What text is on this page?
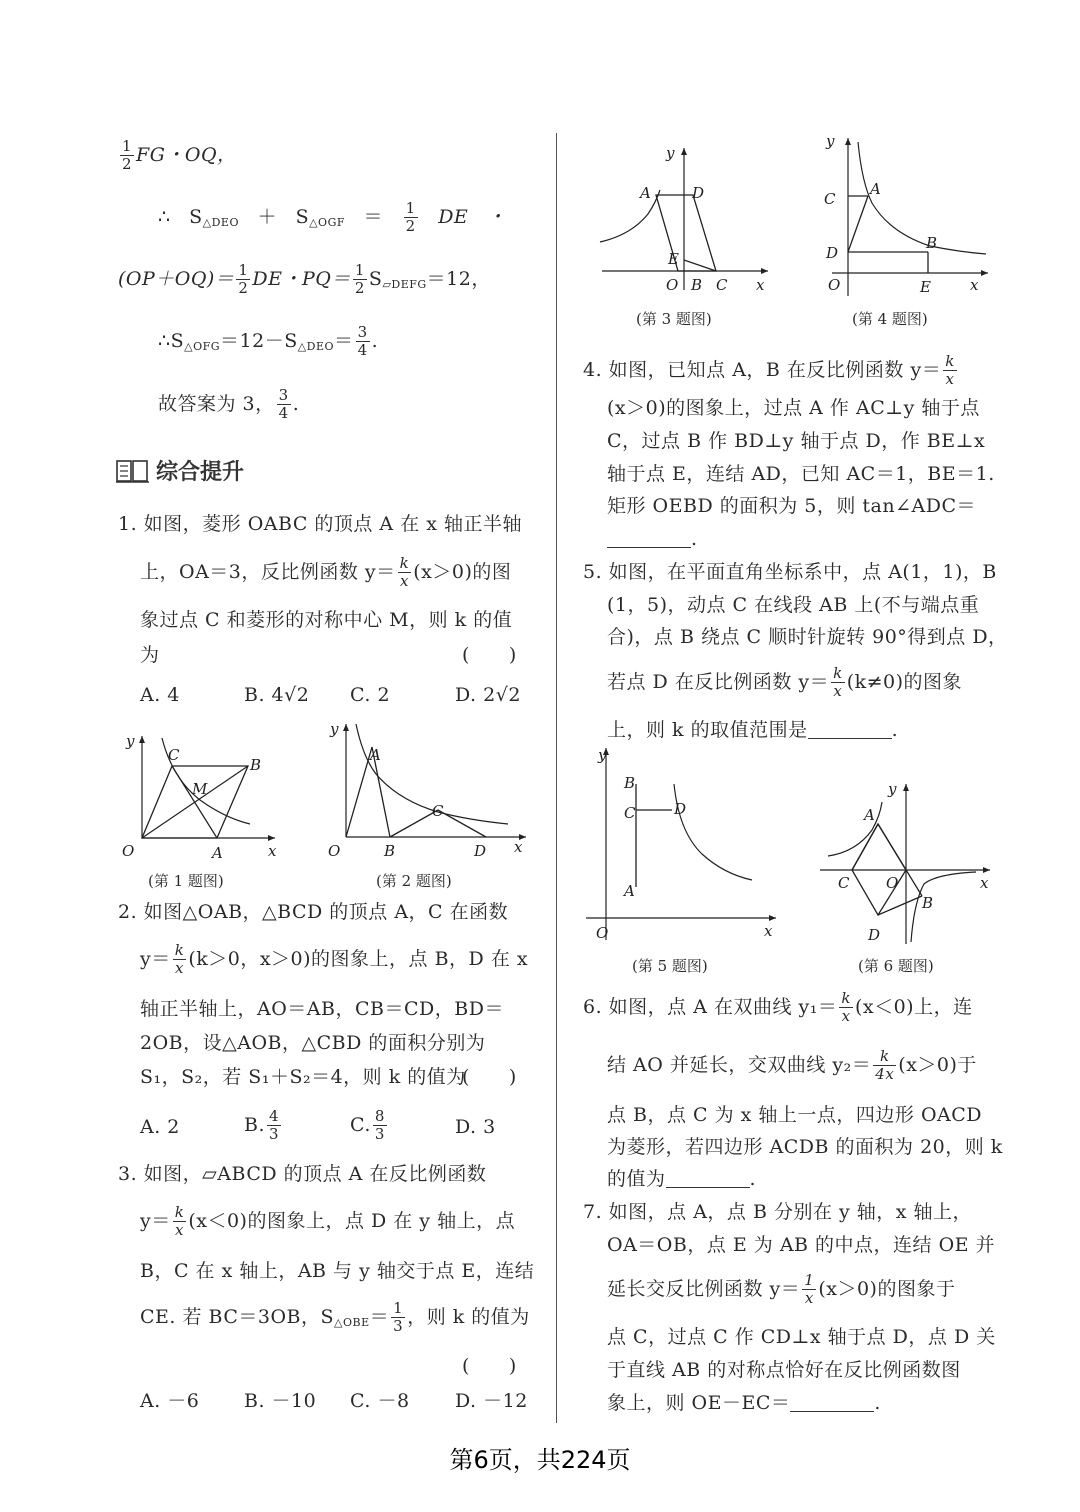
$\frac{1}{2}$ FG・OQ，
∴ $S_{\triangle DEO} + S_{\triangle OGF} = \frac{1}{2}$ DE ・
$(OP+OQ)= \frac{1}{2}$ DE・$PQ= \frac{1}{2} S_{▱DEFG}=12$，
$\therefore S_{\triangle OFG}=12-S_{\triangle DEO}= \frac{3}{4}$ .
故答案为 3， $\frac{3}{4}$ .
综合提升
1. 如图，菱形 OABC 的顶点 A 在 x 轴正半轴
上，OA＝3，反比例函数 $y= \frac{k}{x} (x>0)$的图
象过点 C 和菱形的对称中心 M，则 k 的值
为	(　　)
A. 4	B. 4√2 C. 2	D. 2√2
y
x
O	A
B
C
M
(第 1 题图)
y
x
O
A
B
C
D
(第 2 题图)
2. 如图△OAB，△BCD 的顶点 A，C 在函数
$y= \frac{k}{x} (k>0$，x＞0)的图象上，点 B，D 在 x
轴正半轴上，AO＝AB，CB＝CD，BD＝
2OB，设△AOB，△CBD 的面积分别为
S₁，S₂，若 S₁＋S₂＝4，则 k 的值为
(　　)
A. 2	B. $\frac{4}{3}$	C. $\frac{8}{3}$	D. 3
3. 如图，▱ABCD 的顶点 A 在反比例函数
$y= \frac{k}{x} (x<0)$的图象上，点 D 在 y 轴上，点
B，C 在 x 轴上，AB 与 y 轴交于点 E，连结
CE. 若 BC＝3OB，$S_{\triangle OBE}= \frac{1}{3}$ ，则 k 的值为
(　　)
A. －6 B. －10 C. －8 D. －12
y
x
O
A	D
E
B C
(第 3 题图)
y
x
O
C
A
D
B
E
(第 4 题图)
4. 如图，已知点 A，B 在反比例函数 $y= \frac{k}{x}$
(x＞0)的图象上，过点 A 作 AC⊥y 轴于点
C，过点 B 作 BD⊥y 轴于点 D，作 BE⊥x
轴于点 E，连结 AD，已知 AC＝1，BE＝1.
矩形 OEBD 的面积为 5，则 tan∠ADC＝
.
5. 如图，在平面直角坐标系中，点 A(1，1)，B
(1，5)，动点 C 在线段 AB 上(不与端点重
合)，点 B 绕点 C 顺时针旋转 90°得到点 D，
若点 D 在反比例函数 $y= \frac{k}{x} (k\ne 0)$的图象
上，则 k 的取值范围是	.
y
x
O
B
C	D
A
(第 5 题图)
y
x
O
A
C
B
D
(第 6 题图)
6. 如图，点 A 在双曲线 $y_1= \frac{k}{x} (x<0)$上，连
结 AO 并延长，交双曲线 $y_2= \frac{k}{4x} (x>0)$于
点 B，点 C 为 x 轴上一点，四边形 OACD
为菱形，若四边形 ACDB 的面积为 20，则 k
的值为	.
7. 如图，点 A，点 B 分别在 y 轴，x 轴上，
OA＝OB，点 E 为 AB 的中点，连结 OE 并
延长交反比例函数 $y= \frac{1}{x} (x>0)$的图象于
点 C，过点 C 作 CD⊥x 轴于点 D，点 D 关
于直线 AB 的对称点恰好在反比例函数图
象上，则 OE－EC＝	.
第6页，共224页
